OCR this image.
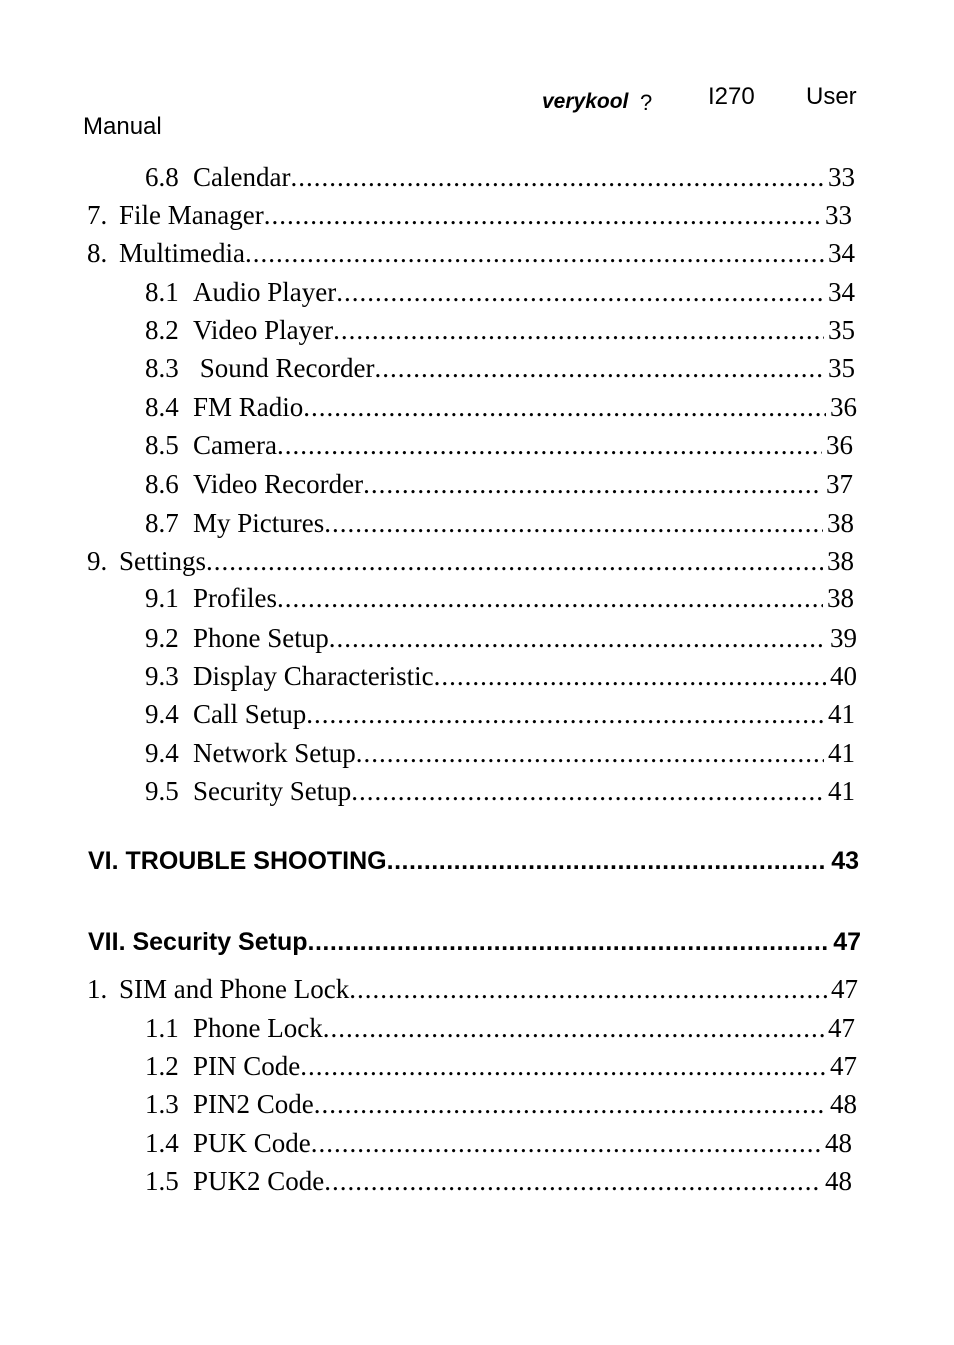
verykool ? I270 User
Manual
6.8 Calendar .....	33
7. File Manager .....	33
8. Multimedia .....	34
8.1 Audio Player .....	34
8.2 Video Player .....	35
8.3 Sound Recorder .....	35
8.4 FM Radio .....	36
8.5 Camera .....	36
8.6 Video Recorder .....	37
8.7 My Pictures .....	38
9. Settings .....	38
9.1 Profiles .....	38
9.2 Phone Setup .....	39
9.3 Display Characteristic .....	40
9.4 Call Setup .....	41
9.4 Network Setup .....	41
9.5 Security Setup .....	41
VI. TROUBLE SHOOTING .....	43
VII. Security Setup .....	47
1. SIM and Phone Lock .....	47
1.1 Phone Lock .....	47
1.2 PIN Code .....	47
1.3 PIN2 Code .....	48
1.4 PUK Code .....	48
1.5 PUK2 Code .....	48
